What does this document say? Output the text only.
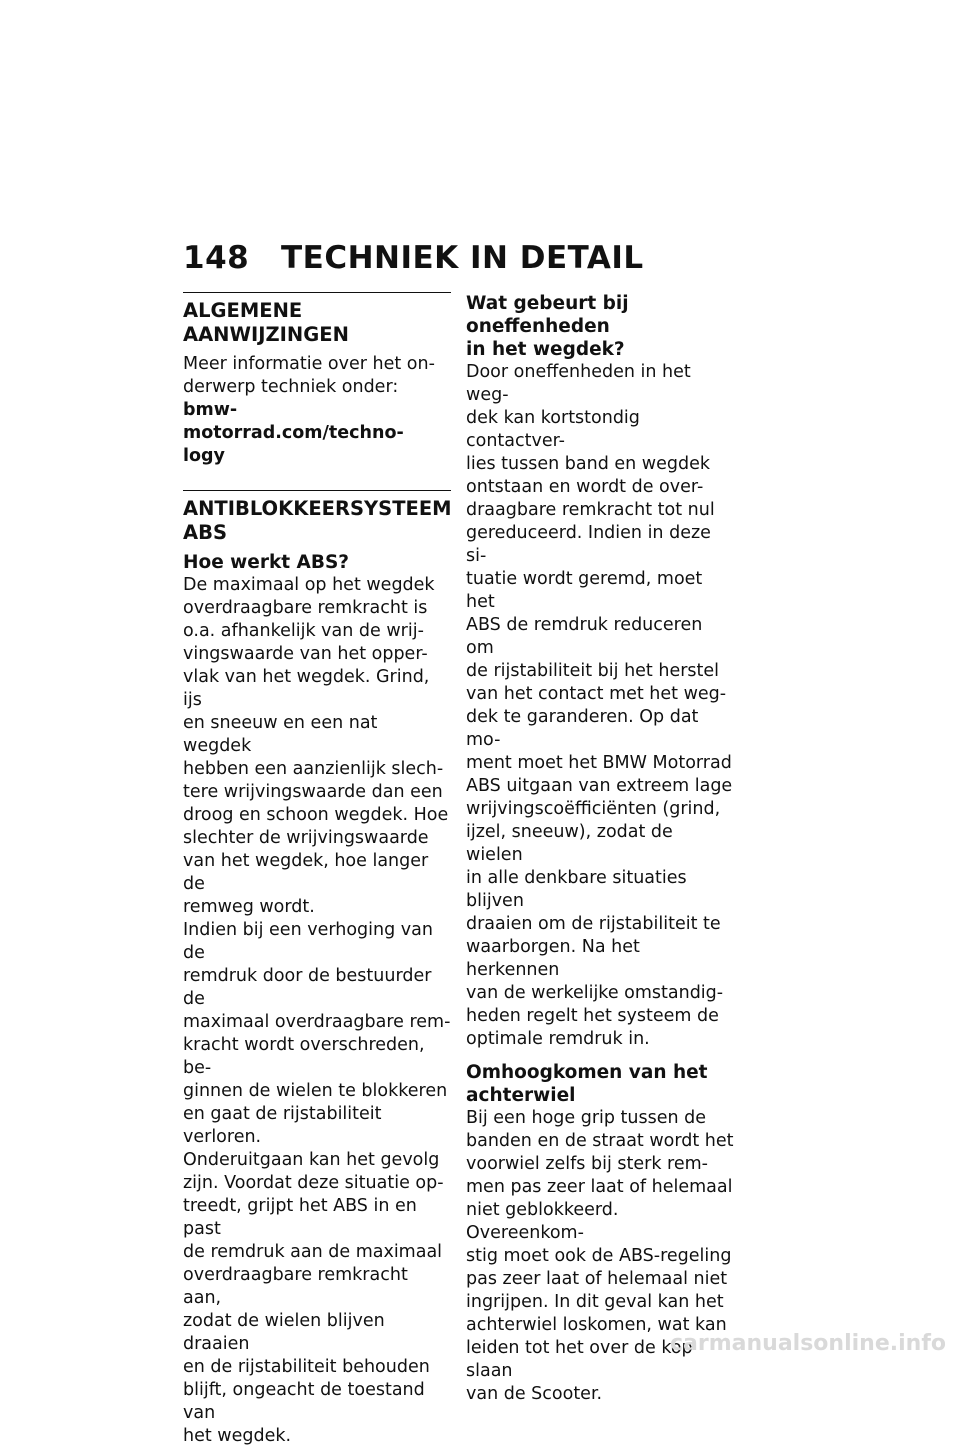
148 TECHNIEK IN DETAIL
ALGEMENE AANWIJZINGEN

Meer informatie over het on-
derwerp techniek onder:

bmw-motorrad.com/techno-
logy
ANTIBLOKKEERSYSTEEM
ABS
Hoe werkt ABS?

De maximaal op het wegdek
overdraagbare remkracht is
o.a. afhankelijk van de wrij-
vingswaarde van het opper-
vlak van het wegdek. Grind, ijs
en sneeuw en een nat wegdek
hebben een aanzienlijk slech-
tere wrijvingswaarde dan een
droog en schoon wegdek. Hoe
slechter de wrijvingswaarde
van het wegdek, hoe langer de
remweg wordt.

Indien bij een verhoging van de
remdruk door de bestuurder de
maximaal overdraagbare rem-
kracht wordt overschreden, be-
ginnen de wielen te blokkeren
en gaat de rijstabiliteit verloren.
Onderuitgaan kan het gevolg
zijn. Voordat deze situatie op-
treedt, grijpt het ABS in en past
de remdruk aan de maximaal
overdraagbare remkracht aan,
zodat de wielen blijven draaien
en de rijstabiliteit behouden
blijft, ongeacht de toestand van
het wegdek.

Wat gebeurt bij oneffenheden
in het wegdek?

Door oneffenheden in het weg-
dek kan kortstondig contactver-
lies tussen band en wegdek
ontstaan en wordt de over-
draagbare remkracht tot nul
gereduceerd. Indien in deze si-
tuatie wordt geremd, moet het
ABS de remdruk reduceren om
de rijstabiliteit bij het herstel
van het contact met het weg-
dek te garanderen. Op dat mo-
ment moet het BMW Motorrad
ABS uitgaan van extreem lage
wrijvingscoëfficiënten (grind,
ijzel, sneeuw), zodat de wielen
in alle denkbare situaties blijven
draaien om de rijstabiliteit te
waarborgen. Na het herkennen
van de werkelijke omstandig-
heden regelt het systeem de
optimale remdruk in.

Omhoogkomen van het
achterwiel

Bij een hoge grip tussen de
banden en de straat wordt het
voorwiel zelfs bij sterk rem-
men pas zeer laat of helemaal
niet geblokkeerd. Overeenkom-
stig moet ook de ABS-regeling
pas zeer laat of helemaal niet
ingrijpen. In dit geval kan het
achterwiel loskomen, wat kan
leiden tot het over de kop slaan
van de Scooter.

carmanualsonline.info
